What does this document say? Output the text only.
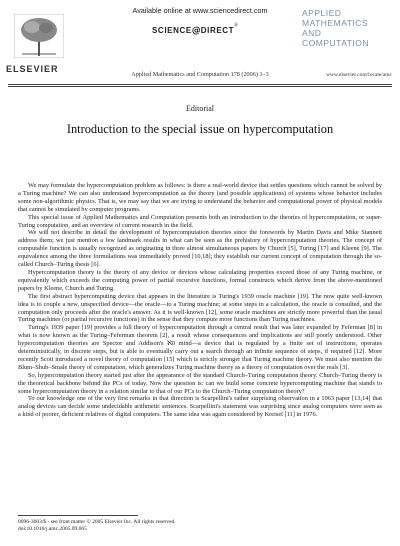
ELSEVIER
Available online at www.sciencedirect.com
SCIENCE@DIRECT®
Applied Mathematics and Computation 178 (2006) 1–3
APPLIED
MATHEMATICS
AND
COMPUTATION
www.elsevier.com/locate/amc
Editorial
Introduction to the special issue on hypercomputation

We may formulate the hypercomputation problem as follows: is there a real-world device that settles questions which cannot be solved by a Turing machine? We can also understand hypercomputation as the theory (and possible applications) of systems whose behavior includes some non-algorithmic physics. That is, we may say that we are trying to understand the behavior and computational power of physical models that cannot be simulated by computer programs.

This special issue of Applied Mathematics and Computation presents both an introduction to the theories of hypercomputation, or super-Turing computation, and an overview of current research in the field.

We will not describe in detail the development of hypercomputation theories since the forewords by Martin Davis and Mike Stannett address them; we just mention a few landmark results in what can be seen as the prehistory of hypercomputation theories. The concept of computable function is usually recognized as originating in three almost simultaneous papers by Church [5], Turing [17] and Kleene [9]. The equivalence among the three formulations was immediately proved [10,18]; they establish our current concept of computation through the so-called Church–Turing thesis [6].

Hypercomputation theory is the theory of any device or devices whose calculating properties exceed those of any Turing machine, or equivalently which exceeds the computing power of partial recursive functions, formal constructs which derive from the above-mentioned papers by Kleene, Church and Turing.

The first abstract hypercomputing device that appears in the literature is Turing's 1939 oracle machine [19]. The now quite well-known idea is to couple a new, unspecified device—the oracle—to a Turing machine; at some steps in a calculation, the oracle is consulted, and the computation only proceeds after the oracle's answer. As it is well-known [12], some oracle machines are strictly more powerful than the usual Turing machines (or partial recursive functions) in the sense that they compute more functions than Turing machines.

Turing's 1939 paper [19] provides a full theory of hypercomputation through a central result that was later expanded by Feferman [8] in what is now known as the Turing–Feferman theorem [2], a result whose consequences and implications are still poorly understood. Other hypercomputation theories are Spector and Addison's ℵ0 mind—a device that is regulated by a finite set of instructions, operates deterministically, in discrete steps, but is able to eventually carry out a search through an infinite sequence of steps, if required [12]. More recently Scott introduced a novel theory of computation [15] which is strictly stronger that Turing machine theory. We must also mention the Blum–Shub–Smale theory of computation, which generalizes Turing machine theory as a theory of computation over the reals [3].

So, hypercomputation theory started just after the appearance of the standard Church–Turing computation theory. Church–Turing theory is the theoretical backbone behind the PCs of today. Now the question is: can we build some concrete hypercomputing machine that stands to some hypercomputation theory in a relation similar to that of our PCs to the Church–Turing computation theory?

To our knowledge one of the very first remarks in that direction is Scarpellini's rather surprising observation in a 1963 paper [13,14] that analog devices can decide some undecidable arithmetic sentences. Scarpellini's statement was surprising since analog computers were seen as a kind of poorer, deficient relatives of digital computers. The same idea was again considered by Kreisel [11] in 1976.

0096-3003/$ - see front matter © 2005 Elsevier Inc. All rights reserved.
doi:10.1016/j.amc.2005.09.065
